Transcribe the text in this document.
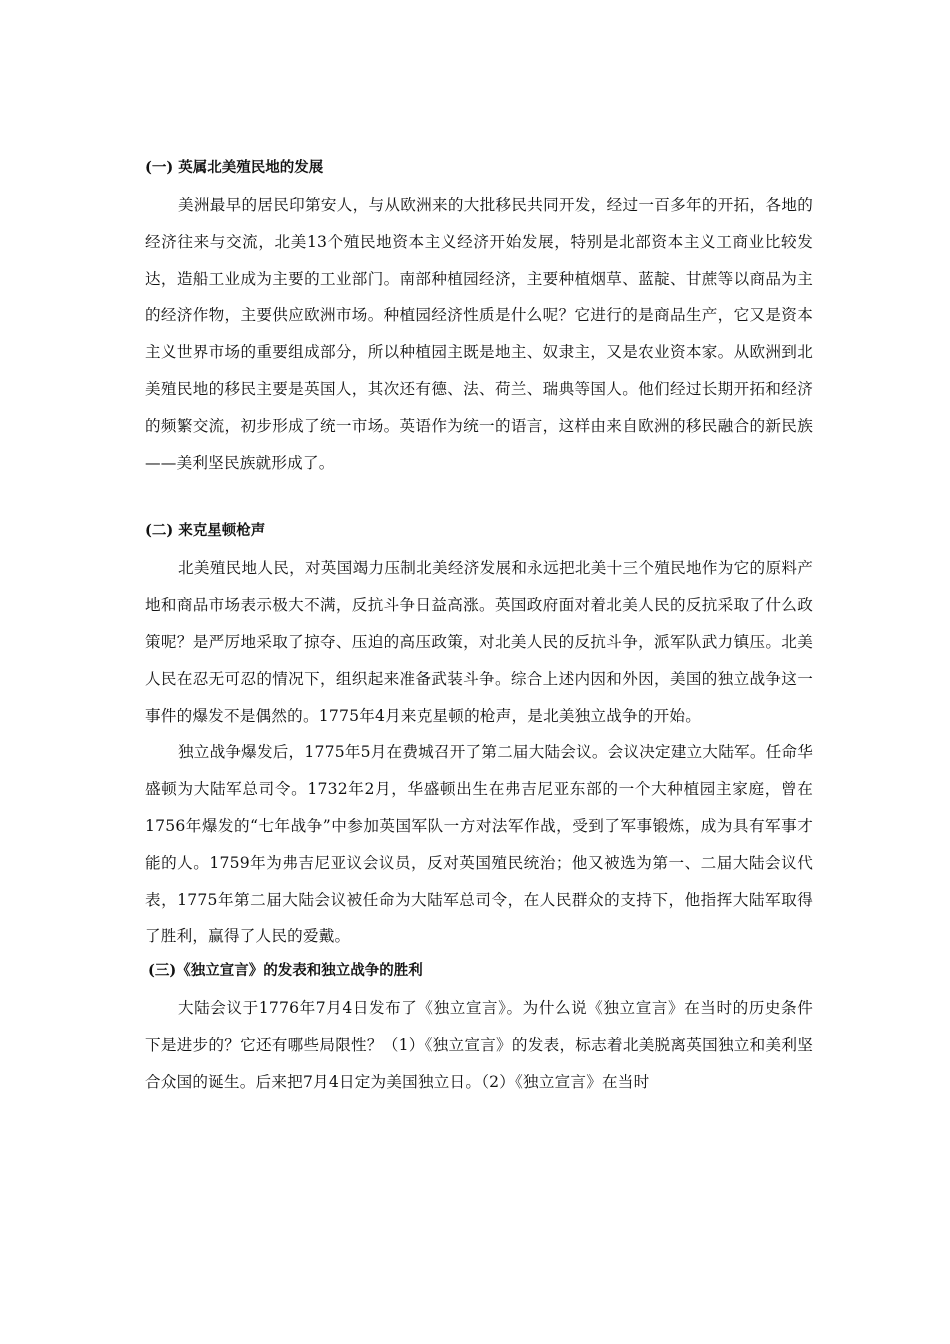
(一) 英属北美殖民地的发展

美洲最早的居民印第安人，与从欧洲来的大批移民共同开发，经过一百多年的开拓，各地的经济往来与交流，北美13个殖民地资本主义经济开始发展，特别是北部资本主义工商业比较发达，造船工业成为主要的工业部门。南部种植园经济，主要种植烟草、蓝靛、甘蔗等以商品为主的经济作物，主要供应欧洲市场。种植园经济性质是什么呢？它进行的是商品生产，它又是资本主义世界市场的重要组成部分，所以种植园主既是地主、奴隶主，又是农业资本家。从欧洲到北美殖民地的移民主要是英国人，其次还有德、法、荷兰、瑞典等国人。他们经过长期开拓和经济的频繁交流，初步形成了统一市场。英语作为统一的语言，这样由来自欧洲的移民融合的新民族——美利坚民族就形成了。

(二) 来克星顿枪声

北美殖民地人民，对英国竭力压制北美经济发展和永远把北美十三个殖民地作为它的原料产地和商品市场表示极大不满，反抗斗争日益高涨。英国政府面对着北美人民的反抗采取了什么政策呢？是严厉地采取了掠夺、压迫的高压政策，对北美人民的反抗斗争，派军队武力镇压。北美人民在忍无可忍的情况下，组织起来准备武装斗争。综合上述内因和外因，美国的独立战争这一事件的爆发不是偶然的。1775年4月来克星顿的枪声，是北美独立战争的开始。

独立战争爆发后，1775年5月在费城召开了第二届大陆会议。会议决定建立大陆军。任命华盛顿为大陆军总司令。1732年2月，华盛顿出生在弗吉尼亚东部的一个大种植园主家庭，曾在1756年爆发的“七年战争”中参加英国军队一方对法军作战，受到了军事锻炼，成为具有军事才能的人。1759年为弗吉尼亚议会议员，反对英国殖民统治；他又被选为第一、二届大陆会议代表，1775年第二届大陆会议被任命为大陆军总司令，在人民群众的支持下，他指挥大陆军取得了胜利，赢得了人民的爱戴。

(三)《独立宣言》的发表和独立战争的胜利

大陆会议于1776年7月4日发布了《独立宣言》。为什么说《独立宣言》在当时的历史条件下是进步的？它还有哪些局限性？（1）《独立宣言》的发表，标志着北美脱离英国独立和美利坚合众国的诞生。后来把7月4日定为美国独立日。（2）《独立宣言》在当时
